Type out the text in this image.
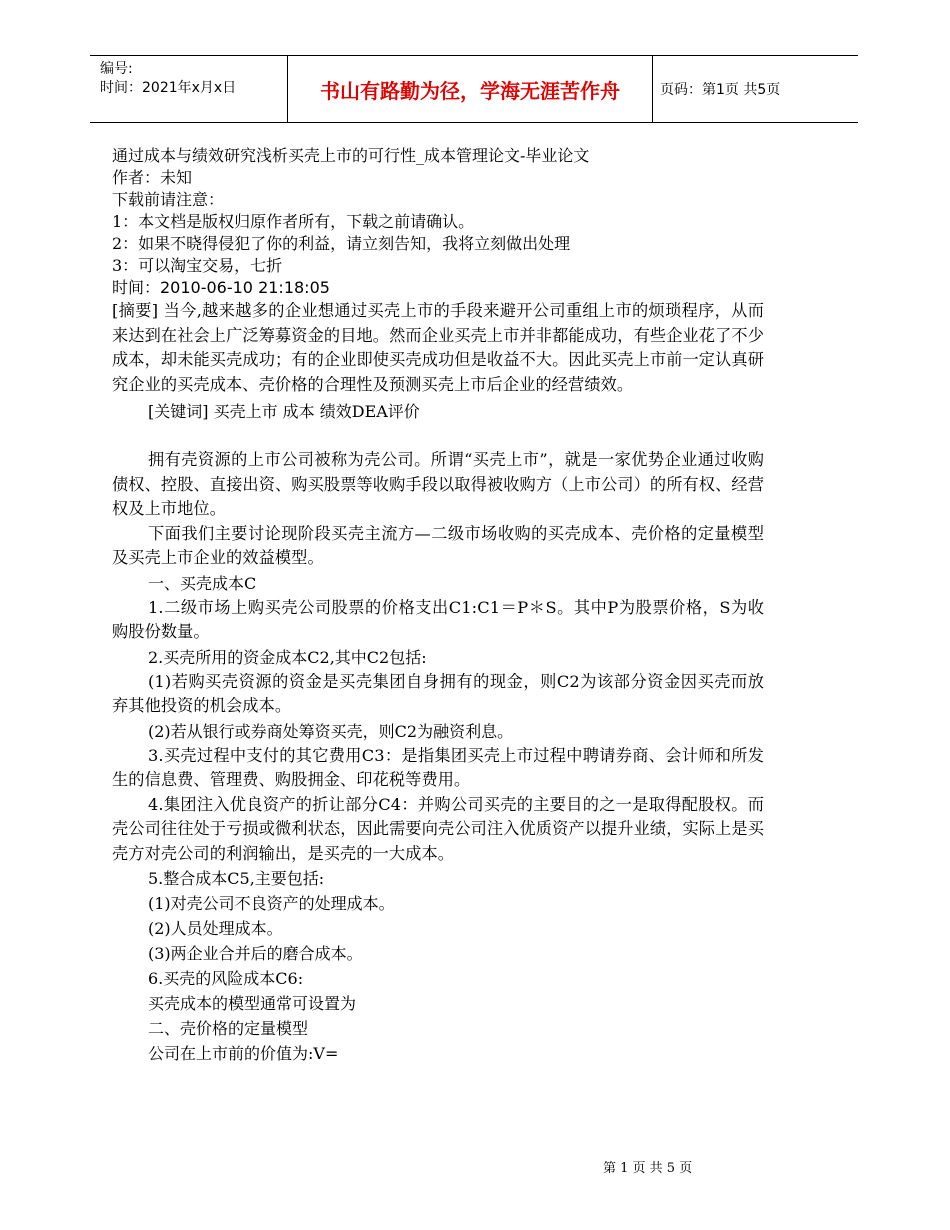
编号:
时间：2021年x月x日	书山有路勤为径，学海无涯苦作舟	页码：第1页 共5页

通过成本与绩效研究浅析买壳上市的可行性_成本管理论文-毕业论文

作者：未知

下载前请注意：

1：本文档是版权归原作者所有，下载之前请确认。

2：如果不晓得侵犯了你的利益，请立刻告知，我将立刻做出处理

3：可以淘宝交易，七折

时间：2010-06-10 21:18:05

[摘要] 当今,越来越多的企业想通过买壳上市的手段来避开公司重组上市的烦琐程序，从而来达到在社会上广泛筹募资金的目地。然而企业买壳上市并非都能成功，有些企业花了不少成本，却未能买壳成功；有的企业即使买壳成功但是收益不大。因此买壳上市前一定认真研究企业的买壳成本、壳价格的合理性及预测买壳上市后企业的经营绩效。

[关键词] 买壳上市 成本 绩效DEA评价

拥有壳资源的上市公司被称为壳公司。所谓“买壳上市”，就是一家优势企业通过收购债权、控股、直接出资、购买股票等收购手段以取得被收购方（上市公司）的所有权、经营权及上市地位。

下面我们主要讨论现阶段买壳主流方—二级市场收购的买壳成本、壳价格的定量模型及买壳上市企业的效益模型。

一、买壳成本C

1.二级市场上购买壳公司股票的价格支出C1:C1＝P＊S。其中P为股票价格，S为收购股份数量。

2.买壳所用的资金成本C2,其中C2包括:

(1)若购买壳资源的资金是买壳集团自身拥有的现金，则C2为该部分资金因买壳而放弃其他投资的机会成本。

(2)若从银行或券商处筹资买壳，则C2为融资利息。

3.买壳过程中支付的其它费用C3：是指集团买壳上市过程中聘请券商、会计师和所发生的信息费、管理费、购股拥金、印花税等费用。

4.集团注入优良资产的折让部分C4：并购公司买壳的主要目的之一是取得配股权。而壳公司往往处于亏损或微利状态，因此需要向壳公司注入优质资产以提升业绩，实际上是买壳方对壳公司的利润输出，是买壳的一大成本。

5.整合成本C5,主要包括:

(1)对壳公司不良资产的处理成本。

(2)人员处理成本。

(3)两企业合并后的磨合成本。

6.买壳的风险成本C6:

买壳成本的模型通常可设置为

二、壳价格的定量模型

公司在上市前的价值为:V=

第 1 页 共 5 页
